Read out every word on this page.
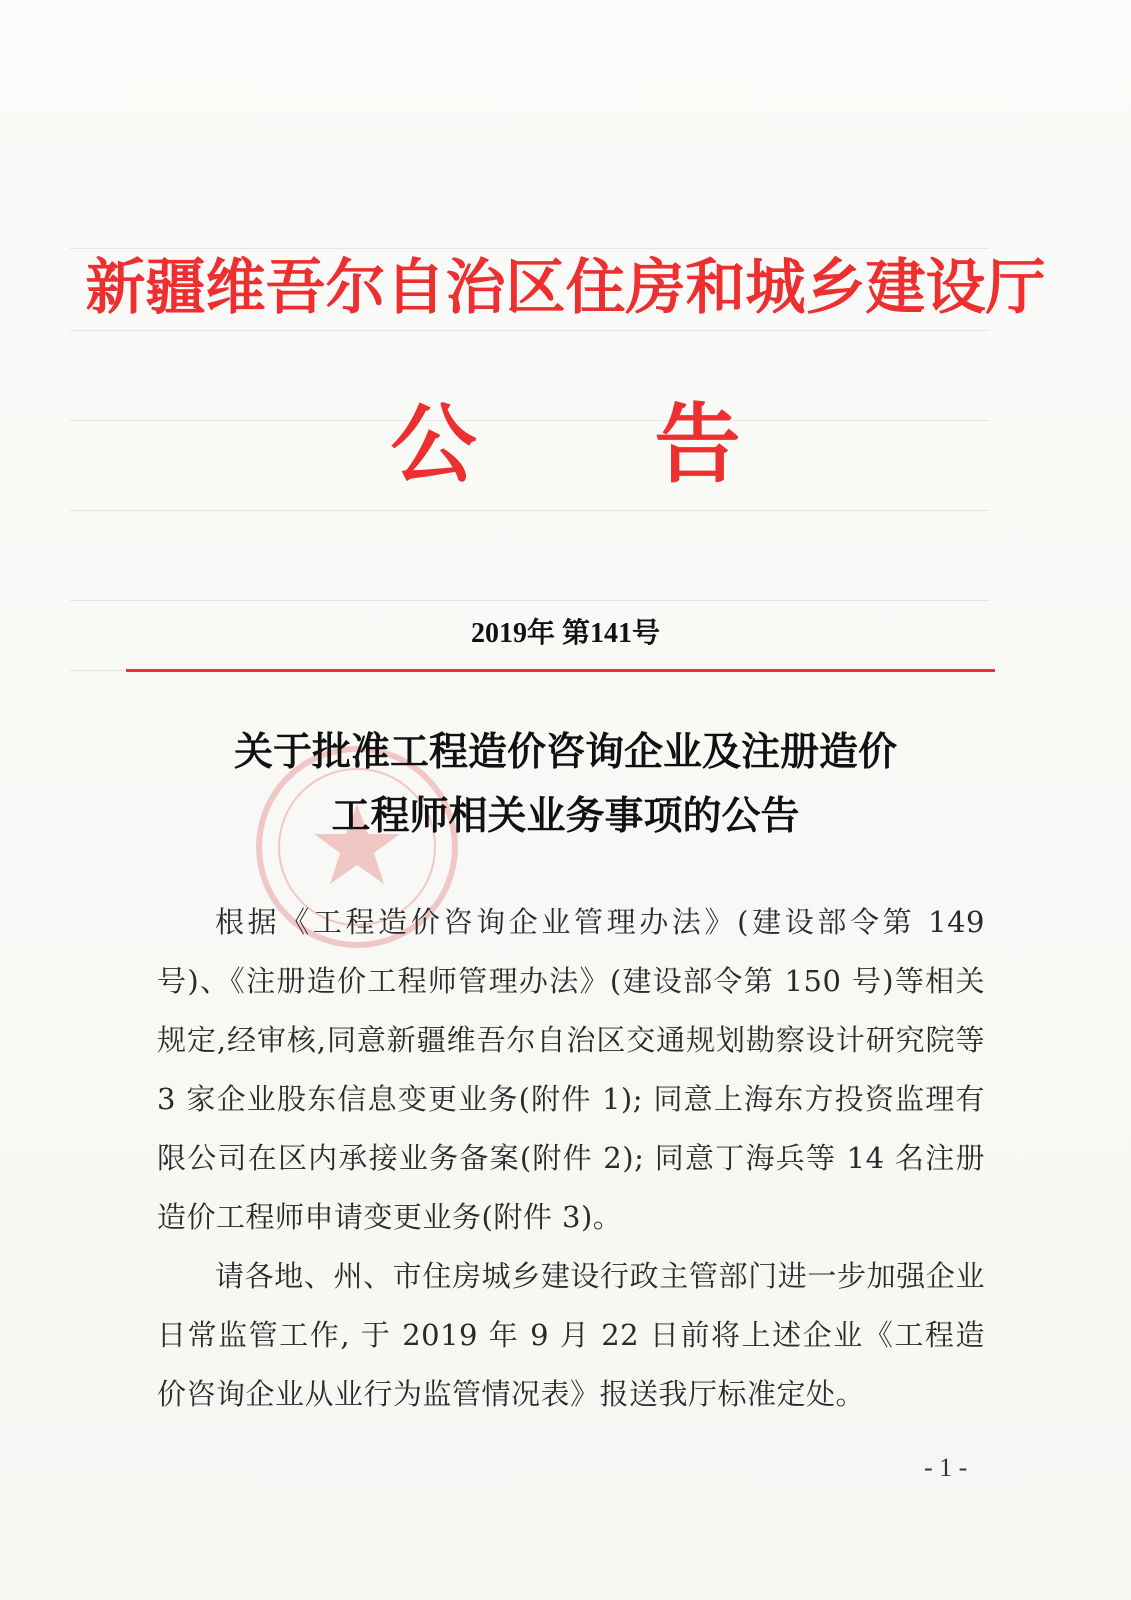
新疆维吾尔自治区住房和城乡建设厅
公告
2019年 第141号
关于批准工程造价咨询企业及注册造价
工程师相关业务事项的公告

根据《工程造价咨询企业管理办法》(建设部令第 149 号)、《注册造价工程师管理办法》(建设部令第 150 号)等相关规定,经审核,同意新疆维吾尔自治区交通规划勘察设计研究院等 3 家企业股东信息变更业务(附件 1); 同意上海东方投资监理有限公司在区内承接业务备案(附件 2); 同意丁海兵等 14 名注册造价工程师申请变更业务(附件 3)。

请各地、州、市住房城乡建设行政主管部门进一步加强企业日常监管工作, 于 2019 年 9 月 22 日前将上述企业《工程造价咨询企业从业行为监管情况表》报送我厅标准定处。

- 1 -
